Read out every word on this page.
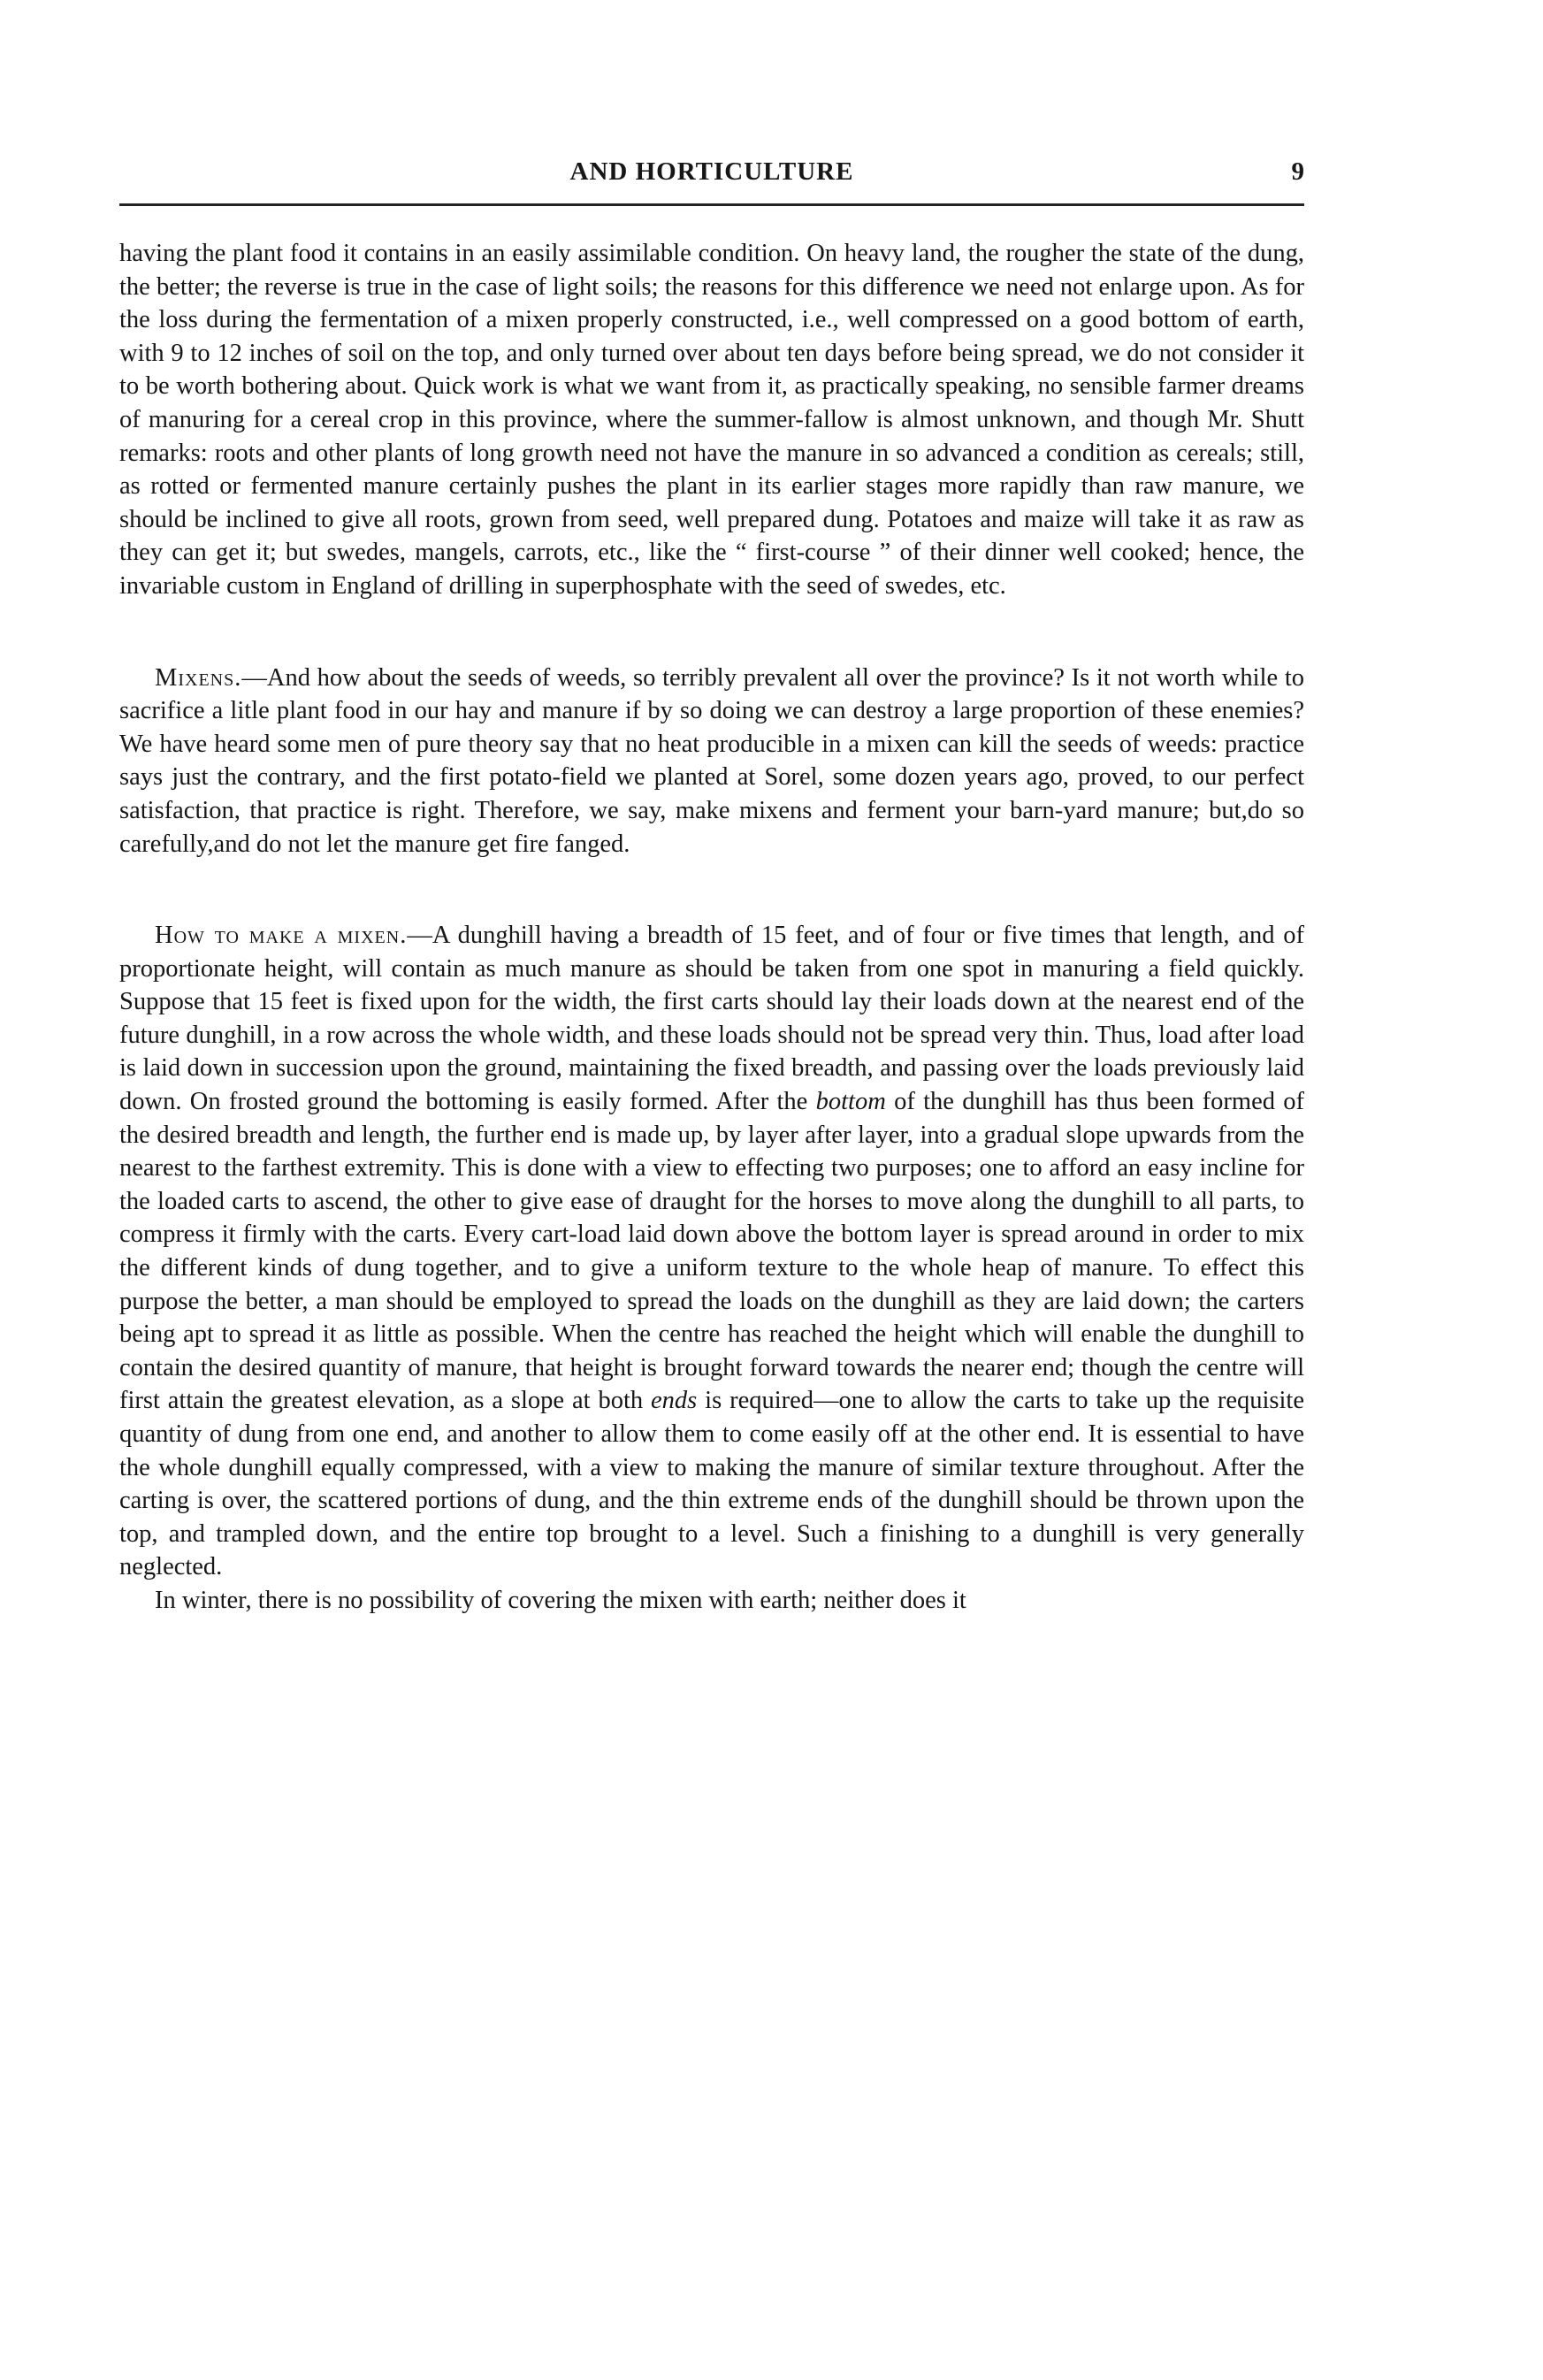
AND HORTICULTURE	9

having the plant food it contains in an easily assimilable condition. On heavy land, the rougher the state of the dung, the better; the reverse is true in the case of light soils; the reasons for this difference we need not enlarge upon. As for the loss during the fermentation of a mixen properly constructed, i.e., well compressed on a good bottom of earth, with 9 to 12 inches of soil on the top, and only turned over about ten days before being spread, we do not consider it to be worth bothering about. Quick work is what we want from it, as practically speaking, no sensible farmer dreams of manuring for a cereal crop in this province, where the summer-fallow is almost unknown, and though Mr. Shutt remarks: roots and other plants of long growth need not have the manure in so advanced a condition as cereals; still, as rotted or fermented manure certainly pushes the plant in its earlier stages more rapidly than raw manure, we should be inclined to give all roots, grown from seed, well prepared dung. Potatoes and maize will take it as raw as they can get it; but swedes, mangels, carrots, etc., like the “ first-course ” of their dinner well cooked; hence, the invariable custom in England of drilling in superphosphate with the seed of swedes, etc.

Mixens.—And how about the seeds of weeds, so terribly prevalent all over the province? Is it not worth while to sacrifice a litle plant food in our hay and manure if by so doing we can destroy a large proportion of these enemies? We have heard some men of pure theory say that no heat producible in a mixen can kill the seeds of weeds: practice says just the contrary, and the first potato-field we planted at Sorel, some dozen years ago, proved, to our perfect satisfaction, that practice is right. Therefore, we say, make mixens and ferment your barn-yard manure; but,do so carefully,and do not let the manure get fire fanged.

How to make a mixen.—A dunghill having a breadth of 15 feet, and of four or five times that length, and of proportionate height, will contain as much manure as should be taken from one spot in manuring a field quickly. Suppose that 15 feet is fixed upon for the width, the first carts should lay their loads down at the nearest end of the future dunghill, in a row across the whole width, and these loads should not be spread very thin. Thus, load after load is laid down in succession upon the ground, maintaining the fixed breadth, and passing over the loads previously laid down. On frosted ground the bottoming is easily formed. After the bottom of the dunghill has thus been formed of the desired breadth and length, the further end is made up, by layer after layer, into a gradual slope upwards from the nearest to the farthest extremity. This is done with a view to effecting two purposes; one to afford an easy incline for the loaded carts to ascend, the other to give ease of draught for the horses to move along the dunghill to all parts, to compress it firmly with the carts. Every cart-load laid down above the bottom layer is spread around in order to mix the different kinds of dung together, and to give a uniform texture to the whole heap of manure. To effect this purpose the better, a man should be employed to spread the loads on the dunghill as they are laid down; the carters being apt to spread it as little as possible. When the centre has reached the height which will enable the dunghill to contain the desired quantity of manure, that height is brought forward towards the nearer end; though the centre will first attain the greatest elevation, as a slope at both ends is required—one to allow the carts to take up the requisite quantity of dung from one end, and another to allow them to come easily off at the other end. It is essential to have the whole dunghill equally compressed, with a view to making the manure of similar texture throughout. After the carting is over, the scattered portions of dung, and the thin extreme ends of the dunghill should be thrown upon the top, and trampled down, and the entire top brought to a level. Such a finishing to a dunghill is very generally neglected.

In winter, there is no possibility of covering the mixen with earth; neither does it
